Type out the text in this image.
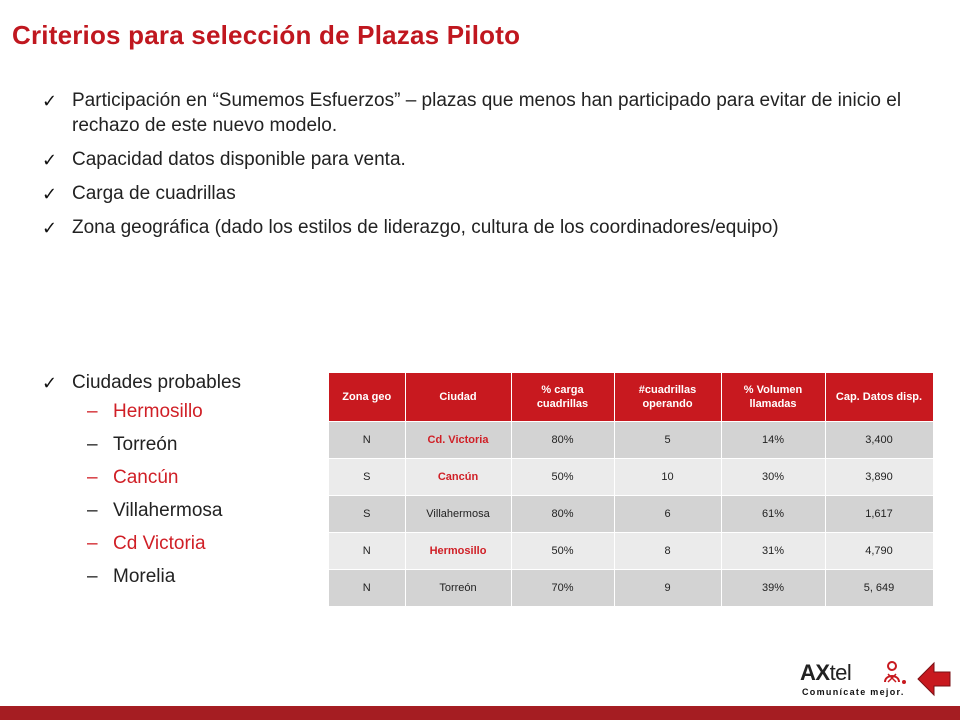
Criterios para selección de Plazas Piloto
✓ Participación en “Sumemos Esfuerzos” – plazas que menos han participado para evitar de inicio el rechazo de este nuevo modelo.
✓ Capacidad datos disponible para venta.
✓ Carga de cuadrillas
✓ Zona geográfica (dado los estilos de liderazgo, cultura de los coordinadores/equipo)
✓ Ciudades probables
– Hermosillo
– Torreón
– Cancún
– Villahermosa
– Cd Victoria
– Morelia
Zona geo	Ciudad	% carga cuadrillas	#cuadrillas operando	% Volumen llamadas	Cap. Datos disp.
N	Cd. Victoria	80%	5	14%	3,400
S	Cancún	50%	10	30%	3,890
S	Villahermosa	80%	6	61%	1,617
N	Hermosillo	50%	8	31%	4,790
N	Torreón	70%	9	39%	5, 649
AXtel
Comunícate mejor.
